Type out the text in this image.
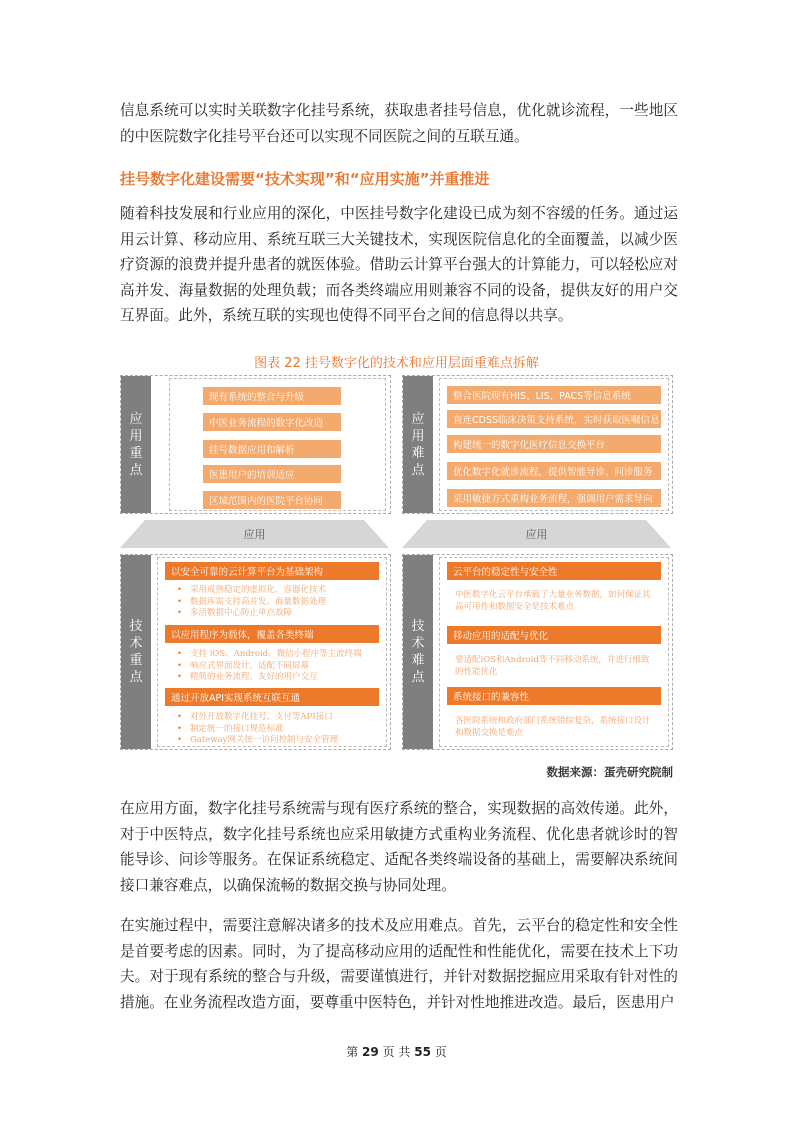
信息系统可以实时关联数字化挂号系统，获取患者挂号信息，优化就诊流程，一些地区的中医院数字化挂号平台还可以实现不同医院之间的互联互通。

挂号数字化建设需要“技术实现”和“应用实施”并重推进

随着科技发展和行业应用的深化，中医挂号数字化建设已成为刻不容缓的任务。通过运用云计算、移动应用、系统互联三大关键技术，实现医院信息化的全面覆盖，以减少医疗资源的浪费并提升患者的就医体验。借助云计算平台强大的计算能力，可以轻松应对高并发、海量数据的处理负载；而各类终端应用则兼容不同的设备，提供友好的用户交互界面。此外，系统互联的实现也使得不同平台之间的信息得以共享。

图表 22 挂号数字化的技术和应用层面重难点拆解
应
用
重
点
现有系统的整合与升级
中医业务流程的数字化改造
挂号数据应用和解析
医患用户的培训适应
区域范围内的医院平台协同
应
用
难
点
整合医院现有HIS、LIS、PACS等信息系统
直连CDSS临床决策支持系统，实时获取医嘱信息
构建统一的数字化医疗信息交换平台
优化数字化就诊流程，提供智能导诊、问诊服务
采用敏捷方式重构业务流程，强调用户需求导向
应用	应用
技
术
重
点
以安全可靠的云计算平台为基础架构
• 采用成熟稳定的虚拟化、容器化技术
• 数据库需支持高并发、海量数据处理
• 多活数据中心防止单点故障
以应用程序为载体，覆盖各类终端
• 支持 iOS、Android、微信小程序等主流终端
• 响应式界面设计，适配不同屏幕
• 精简的业务流程、友好的用户交互
通过开放API实现系统互联互通
• 对外开放数字化挂号、支付等API接口
• 制定统一的接口规范标准
• Gateway网关统一访问控制与安全管理
技
术
难
点
云平台的稳定性与安全性
中医数字化云平台承载了大量业务数据，如何保证其高可用性和数据安全是技术难点
移动应用的适配与优化
要适配iOS和Android等不同移动系统，并进行细致的性能优化
系统接口的兼容性
各医院系统和政府部门系统错综复杂，系统接口设计和数据交换是难点
数据来源：蛋壳研究院制

在应用方面，数字化挂号系统需与现有医疗系统的整合，实现数据的高效传递。此外，对于中医特点，数字化挂号系统也应采用敏捷方式重构业务流程、优化患者就诊时的智能导诊、问诊等服务。在保证系统稳定、适配各类终端设备的基础上，需要解决系统间接口兼容难点，以确保流畅的数据交换与协同处理。

在实施过程中，需要注意解决诸多的技术及应用难点。首先，云平台的稳定性和安全性是首要考虑的因素。同时，为了提高移动应用的适配性和性能优化，需要在技术上下功夫。对于现有系统的整合与升级，需要谨慎进行，并针对数据挖掘应用采取有针对性的措施。在业务流程改造方面，要尊重中医特色，并针对性地推进改造。最后，医患用户

第 29 页 共 55 页
